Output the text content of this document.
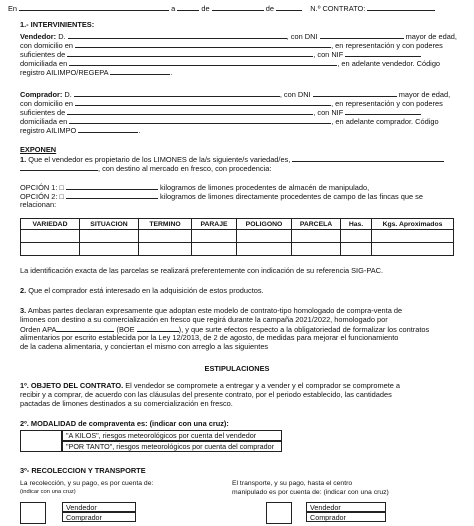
En	a	de	de	N.º CONTRATO:
1.- INTERVINIENTES:
Vendedor: D.	, con DNI	mayor de edad,
con domicilio en	, en representación y con poderes
suficientes de	, con NIF
domiciliada en	, en adelante vendedor. Código
registro AILIMPO/REGEPA	.
Comprador: D.	, con DNI	mayor de edad,
con domicilio en	, en representación y con poderes
suficientes de	, con NIF
domiciliada en	, en adelante comprador. Código
registro AILIMPO	.
EXPONEN
1. Que el vendedor es propietario de los LIMONES de la/s siguiente/s variedad/es,
, con destino al mercado en fresco, con procedencia:
OPCIÓN 1: □	kilogramos de limones procedentes de almacén de manipulado,
OPCIÓN 2: □	kilogramos de limones directamente procedentes de campo de las fincas que se
relacionan:
VARIEDAD	SITUACION	TERMINO	PARAJE	POLIGONO	PARCELA	Has.	Kgs. Aproximados

La identificación exacta de las parcelas se realizará preferentemente con indicación de su referencia SIG-PAC.
2. Que el comprador está interesado en la adquisición de estos productos.
3. Ambas partes declaran expresamente que adoptan este modelo de contrato-tipo homologado de compra-venta de
limones con destino a su comercialización en fresco que regirá durante la campaña 2021/2022, homologado por
Orden APA	(BOE	), y que surte efectos respecto a la obligatoriedad de formalizar los contratos
alimentarios por escrito establecida por la Ley 12/2013, de 2 de agosto, de medidas para mejorar el funcionamiento
de la cadena alimentaria, y conciertan el mismo con arreglo a las siguientes
ESTIPULACIONES
1º. OBJETO DEL CONTRATO. El vendedor se compromete a entregar y a vender y el comprador se compromete a
recibir y a comprar, de acuerdo con las cláusulas del presente contrato, por el periodo establecido, las cantidades
pactadas de limones destinados a su comercialización en fresco.
2º. MODALIDAD de compraventa es: (indicar con una cruz):
"A KILOS", riesgos meteorológicos por cuenta del vendedor
"POR TANTO", riesgos meteorológicos por cuenta del comprador
3º- RECOLECCION Y TRANSPORTE
La recolección, y su pago, es por cuenta de:
(indicar con una cruz)
El transporte, y su pago, hasta el centro
manipulado es por cuenta de: (indicar con una cruz)
Vendedor
Comprador
Vendedor
Comprador
